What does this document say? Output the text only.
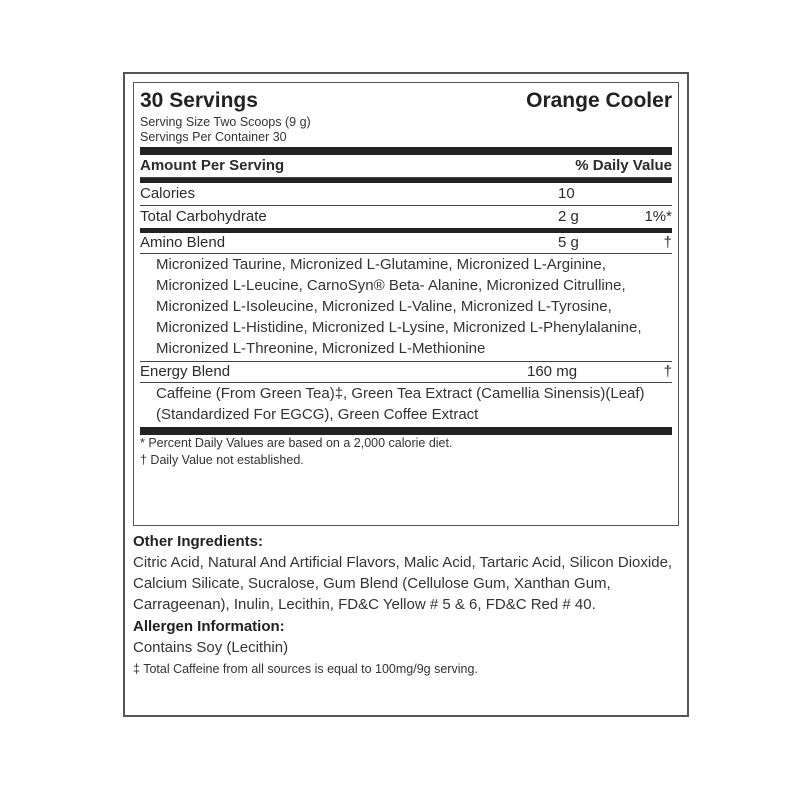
30 Servings	Orange Cooler
Serving Size Two Scoops (9 g)
Servings Per Container 30
Amount Per Serving	% Daily Value
Calories	10
Total Carbohydrate	2 g	1%*
Amino Blend	5 g	†
Micronized Taurine, Micronized L-Glutamine, Micronized L-Arginine, Micronized L-Leucine, CarnoSyn® Beta- Alanine, Micronized Citrulline, Micronized L-Isoleucine, Micronized L-Valine, Micronized L-Tyrosine, Micronized L-Histidine, Micronized L-Lysine, Micronized L-Phenylalanine, Micronized L-Threonine, Micronized L-Methionine
Energy Blend	160 mg	†
Caffeine (From Green Tea)‡, Green Tea Extract (Camellia Sinensis)(Leaf)(Standardized For EGCG), Green Coffee Extract
* Percent Daily Values are based on a 2,000 calorie diet.
† Daily Value not established.
Other Ingredients:

Citric Acid, Natural And Artificial Flavors, Malic Acid, Tartaric Acid, Silicon Dioxide, Calcium Silicate, Sucralose, Gum Blend (Cellulose Gum, Xanthan Gum, Carrageenan), Inulin, Lecithin, FD&C Yellow # 5 & 6, FD&C Red # 40.

Allergen Information:

Contains Soy (Lecithin)

‡ Total Caffeine from all sources is equal to 100mg/9g serving.
